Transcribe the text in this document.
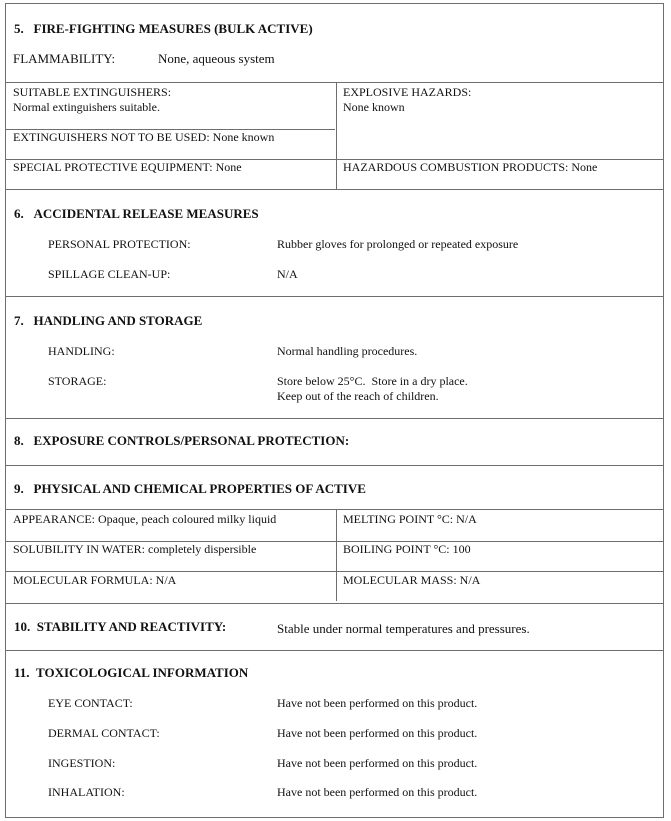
5.   FIRE-FIGHTING MEASURES (BULK ACTIVE)
FLAMMABILITY:	None, aqueous system
SUITABLE EXTINGUISHERS:
Normal extinguishers suitable.
EXPLOSIVE HAZARDS:
None known
EXTINGUISHERS NOT TO BE USED: None known
SPECIAL PROTECTIVE EQUIPMENT: None	HAZARDOUS COMBUSTION PRODUCTS: None
6.   ACCIDENTAL RELEASE MEASURES
PERSONAL PROTECTION:	Rubber gloves for prolonged or repeated exposure
SPILLAGE CLEAN-UP:	N/A
7.   HANDLING AND STORAGE
HANDLING:	Normal handling procedures.
STORAGE:	Store below 25°C.  Store in a dry place.
Keep out of the reach of children.
8.   EXPOSURE CONTROLS/PERSONAL PROTECTION:
9.   PHYSICAL AND CHEMICAL PROPERTIES OF ACTIVE
APPEARANCE: Opaque, peach coloured milky liquid	MELTING POINT °C: N/A
SOLUBILITY IN WATER: completely dispersible	BOILING POINT °C: 100
MOLECULAR FORMULA: N/A	MOLECULAR MASS: N/A
10.  STABILITY AND REACTIVITY:	Stable under normal temperatures and pressures.
11.  TOXICOLOGICAL INFORMATION
EYE CONTACT:	Have not been performed on this product.
DERMAL CONTACT:	Have not been performed on this product.
INGESTION:	Have not been performed on this product.
INHALATION:	Have not been performed on this product.
